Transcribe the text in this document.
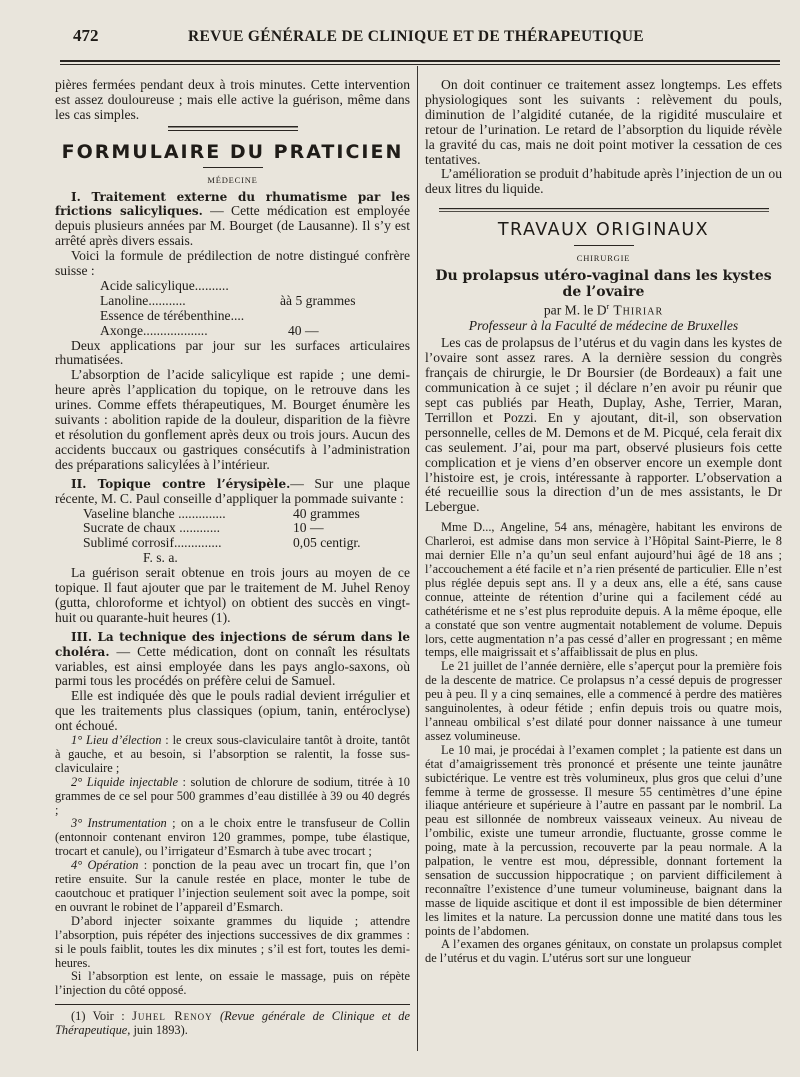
472	REVUE GÉNÉRALE DE CLINIQUE ET DE THÉRAPEUTIQUE

pières fermées pendant deux à trois minutes. Cette intervention est assez douloureuse ; mais elle active la guérison, même dans les cas simples.

FORMULAIRE DU PRATICIEN
MÉDECINE

I. Traitement externe du rhumatisme par les frictions salicyliques. — Cette médication est employée depuis plusieurs années par M. Bourget (de Lausanne). Il s’y est arrêté après divers essais.

Voici la formule de prédilection de notre distingué confrère suisse :

Acide salicylique..........
Lanoline...........	àà 5 grammes
Essence de térébenthine....
Axonge...................	40 —

Deux applications par jour sur les surfaces articulaires rhumatisées.

L’absorption de l’acide salicylique est rapide ; une demi-heure après l’application du topique, on le retrouve dans les urines. Comme effets thérapeutiques, M. Bourget énumère les suivants : abolition rapide de la douleur, disparition de la fièvre et résolution du gonflement après deux ou trois jours. Aucun des accidents buccaux ou gastriques consécutifs à l’administration des préparations salicylées à l’intérieur.

II. Topique contre l’érysipèle.— Sur une plaque récente, M. C. Paul conseille d’appliquer la pommade suivante :

Vaseline blanche ..............	40 grammes
Sucrate de chaux ............	10 —
Sublimé corrosif..............	0,05 centigr.
F. s. a.

La guérison serait obtenue en trois jours au moyen de ce topique. Il faut ajouter que par le traitement de M. Juhel Renoy (gutta, chloroforme et ichtyol) on obtient des succès en vingt-huit ou quarante-huit heures (1).

III. La technique des injections de sérum dans le choléra. — Cette médication, dont on connaît les résultats variables, est ainsi employée dans les pays anglo-saxons, où parmi tous les procédés on préfère celui de Samuel.

Elle est indiquée dès que le pouls radial devient irrégulier et que les traitements plus classiques (opium, tanin, entéroclyse) ont échoué.

1° Lieu d’élection : le creux sous-claviculaire tantôt à droite, tantôt à gauche, et au besoin, si l’absorption se ralentit, la fosse sus-claviculaire ;

2° Liquide injectable : solution de chlorure de sodium, titrée à 10 grammes de ce sel pour 500 grammes d’eau distillée à 39 ou 40 degrés ;

3° Instrumentation ; on a le choix entre le transfuseur de Collin (entonnoir contenant environ 120 grammes, pompe, tube élastique, trocart et canule), ou l’irrigateur d’Esmarch à tube avec trocart ;

4° Opération : ponction de la peau avec un trocart fin, que l’on retire ensuite. Sur la canule restée en place, monter le tube de caoutchouc et pratiquer l’injection seulement soit avec la pompe, soit en ouvrant le robinet de l’appareil d’Esmarch.

D’abord injecter soixante grammes du liquide ; attendre l’absorption, puis répéter des injections successives de dix grammes : si le pouls faiblit, toutes les dix minutes ; s’il est fort, toutes les demi-heures.

Si l’absorption est lente, on essaie le massage, puis on répète l’injection du côté opposé.

(1) Voir : Juhel Renoy (Revue générale de Clinique et de Thérapeutique, juin 1893).

On doit continuer ce traitement assez longtemps. Les effets physiologiques sont les suivants : relèvement du pouls, diminution de l’algidité cutanée, de la rigidité musculaire et retour de l’urination. Le retard de l’absorption du liquide révèle la gravité du cas, mais ne doit point motiver la cessation de ces tentatives.

L’amélioration se produit d’habitude après l’injection de un ou deux litres du liquide.

TRAVAUX ORIGINAUX
CHIRURGIE
Du prolapsus utéro-vaginal dans les kystes de l’ovaire

par M. le $D^r$ Thiriar

Professeur à la Faculté de médecine de Bruxelles

Les cas de prolapsus de l’utérus et du vagin dans les kystes de l’ovaire sont assez rares. A la dernière session du congrès français de chirurgie, le Dr Boursier (de Bordeaux) a fait une communication à ce sujet ; il déclare n’en avoir pu réunir que sept cas publiés par Heath, Duplay, Ashe, Terrier, Maran, Terrillon et Pozzi. En y ajoutant, dit-il, son observation personnelle, celles de M. Demons et de M. Picqué, cela ferait dix cas seulement. J’ai, pour ma part, observé plusieurs fois cette complication et je viens d’en observer encore un exemple dont l’histoire est, je crois, intéressante à rapporter. L’observation a été recueillie sous la direction d’un de mes assistants, le Dr Lebergue.

Mme D..., Angeline, 54 ans, ménagère, habitant les environs de Charleroi, est admise dans mon service à l’Hôpital Saint-Pierre, le 8 mai dernier Elle n’a qu’un seul enfant aujourd’hui âgé de 18 ans ; l’accouchement a été facile et n’a rien présenté de particulier. Elle n’est plus réglée depuis sept ans. Il y a deux ans, elle a été, sans cause connue, atteinte de rétention d’urine qui a facilement cédé au cathétérisme et ne s’est plus reproduite depuis. A la même époque, elle a constaté que son ventre augmentait notablement de volume. Depuis lors, cette augmentation n’a pas cessé d’aller en progressant ; en même temps, elle maigrissait et s’affaiblissait de plus en plus.

Le 21 juillet de l’année dernière, elle s’aperçut pour la première fois de la descente de matrice. Ce prolapsus n’a cessé depuis de progresser peu à peu. Il y a cinq semaines, elle a commencé à perdre des matières sanguinolentes, à odeur fétide ; enfin depuis trois ou quatre mois, l’anneau ombilical s’est dilaté pour donner naissance à une tumeur assez volumineuse.

Le 10 mai, je procédai à l’examen complet ; la patiente est dans un état d’amaigrissement très prononcé et présente une teinte jaunâtre subictérique. Le ventre est très volumineux, plus gros que celui d’une femme à terme de grossesse. Il mesure 55 centimètres d’une épine iliaque antérieure et supérieure à l’autre en passant par le nombril. La peau est sillonnée de nombreux vaisseaux veineux. Au niveau de l’ombilic, existe une tumeur arrondie, fluctuante, grosse comme le poing, mate à la percussion, recouverte par la peau normale. A la palpation, le ventre est mou, dépressible, donnant fortement la sensation de succussion hippocratique ; on parvient difficilement à reconnaître l’existence d’une tumeur volumineuse, baignant dans la masse de liquide ascitique et dont il est impossible de bien déterminer les limites et la nature. La percussion donne une matité dans tous les points de l’abdomen.

A l’examen des organes génitaux, on constate un prolapsus complet de l’utérus et du vagin. L’utérus sort sur une longueur
